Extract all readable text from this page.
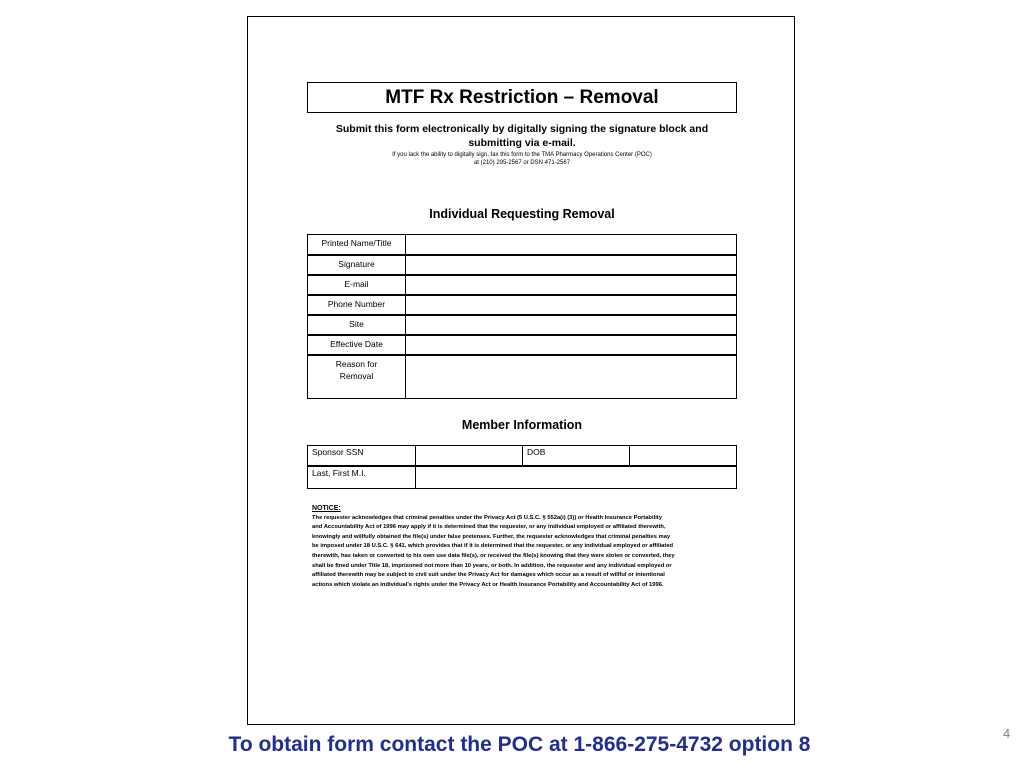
MTF Rx Restriction – Removal
Submit this form electronically by digitally signing the signature block and
submitting via e-mail.
If you lack the ability to digitally sign, fax this form to the TMA Pharmacy Operations Center (POC)
at (210) 295-2567 or DSN 471-2567
Individual Requesting Removal
Printed Name/Title	
Signature	
E-mail	
Phone Number	
Site	
Effective Date	
Reason for Removal	
Member Information
Sponsor SSN		DOB	
Last, First M.I.			
NOTICE:
The requester acknowledges that criminal penalties under the Privacy Act (5 U.S.C. § 552a(i) (3)) or Health Insurance Portability
and Accountability Act of 1996 may apply if it is determined that the requester, or any individual employed or affiliated therewith,
knowingly and willfully obtained the file(s) under false pretenses. Further, the requester acknowledges that criminal penalties may
be imposed under 18 U.S.C. § 641, which provides that if it is determined that the requester, or any individual employed or affiliated
therewith, has taken or converted to his own use data file(s), or received the file(s) knowing that they were stolen or converted, they
shall be fined under Title 18, imprisoned not more than 10 years, or both. In addition, the requester and any individual employed or
affiliated therewith may be subject to civil suit under the Privacy Act for damages which occur as a result of willful or intentional
actions which violate an individual's rights under the Privacy Act or Health Insurance Portability and Accountability Act of 1996.
To obtain form contact the POC at 1-866-275-4732 option 8	4
